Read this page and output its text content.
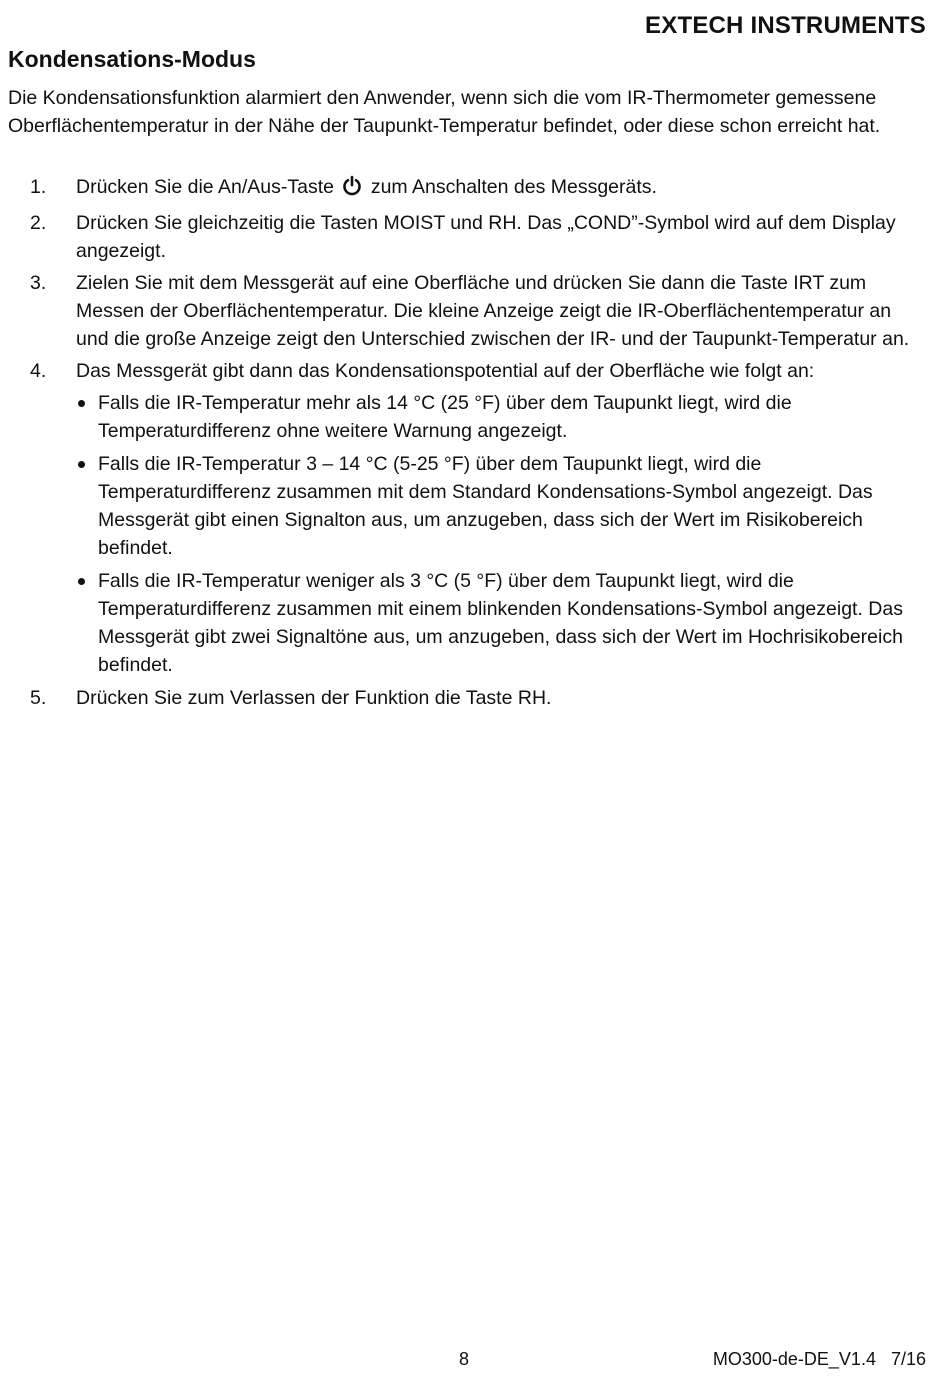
EXTECH INSTRUMENTS
Kondensations-Modus
Die Kondensationsfunktion alarmiert den Anwender, wenn sich die vom IR-Thermometer gemessene Oberflächentemperatur in der Nähe der Taupunkt-Temperatur befindet, oder diese schon erreicht hat.
1. Drücken Sie die An/Aus-Taste zum Anschalten des Messgeräts.
2. Drücken Sie gleichzeitig die Tasten MOIST und RH. Das „COND”-Symbol wird auf dem Display angezeigt.
3. Zielen Sie mit dem Messgerät auf eine Oberfläche und drücken Sie dann die Taste IRT zum Messen der Oberflächentemperatur. Die kleine Anzeige zeigt die IR-Oberflächentemperatur an und die große Anzeige zeigt den Unterschied zwischen der IR- und der Taupunkt-Temperatur an.
4. Das Messgerät gibt dann das Kondensationspotential auf der Oberfläche wie folgt an:
Falls die IR-Temperatur mehr als 14 °C (25 °F) über dem Taupunkt liegt, wird die Temperaturdifferenz ohne weitere Warnung angezeigt.
Falls die IR-Temperatur 3 – 14 °C (5-25 °F) über dem Taupunkt liegt, wird die Temperaturdifferenz zusammen mit dem Standard Kondensations-Symbol angezeigt. Das Messgerät gibt einen Signalton aus, um anzugeben, dass sich der Wert im Risikobereich befindet.
Falls die IR-Temperatur weniger als 3 °C (5 °F) über dem Taupunkt liegt, wird die Temperaturdifferenz zusammen mit einem blinkenden Kondensations-Symbol angezeigt. Das Messgerät gibt zwei Signaltöne aus, um anzugeben, dass sich der Wert im Hochrisikobereich befindet.
5. Drücken Sie zum Verlassen der Funktion die Taste RH.
8	MO300-de-DE_V1.4   7/16
